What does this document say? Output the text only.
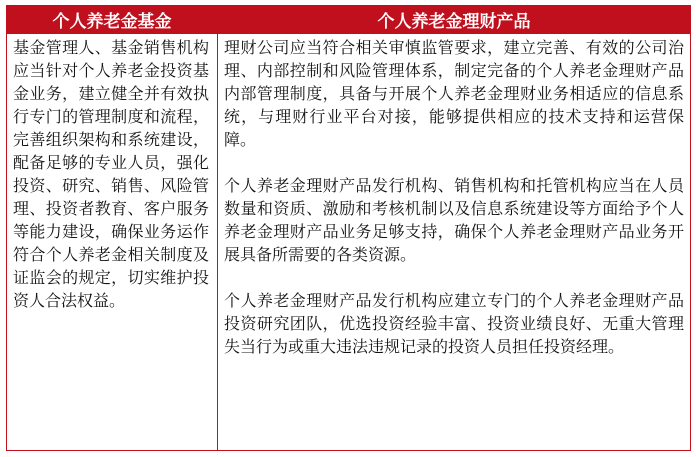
个人养老金基金	个人养老金理财产品

基金管理人、基金销售机构应当针对个人养老金投资基金业务，建立健全并有效执行专门的管理制度和流程，完善组织架构和系统建设，配备足够的专业人员，强化投资、研究、销售、风险管理、投资者教育、客户服务等能力建设，确保业务运作符合个人养老金相关制度及证监会的规定，切实维护投资人合法权益。	理财公司应当符合相关审慎监管要求，建立完善、有效的公司治理、内部控制和风险管理体系，制定完备的个人养老金理财产品内部管理制度，具备与开展个人养老金理财业务相适应的信息系统，与理财行业平台对接，能够提供相应的技术支持和运营保障。

个人养老金理财产品发行机构、销售机构和托管机构应当在人员数量和资质、激励和考核机制以及信息系统建设等方面给予个人养老金理财产品业务足够支持，确保个人养老金理财产品业务开展具备所需要的各类资源。

个人养老金理财产品发行机构应建立专门的个人养老金理财产品投资研究团队，优选投资经验丰富、投资业绩良好、无重大管理失当行为或重大违法违规记录的投资人员担任投资经理。
